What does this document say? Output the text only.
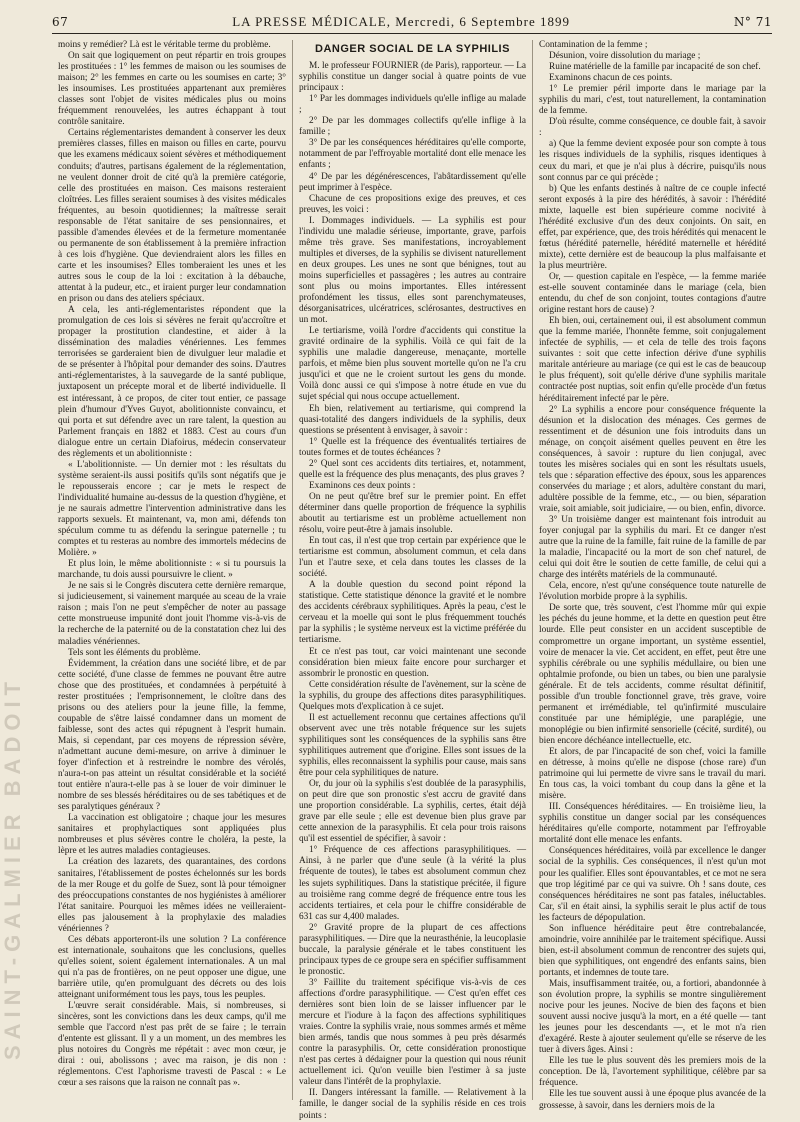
SAINT-GALMIER BADOIT
67	LA PRESSE MÉDICALE, Mercredi, 6 Septembre 1899	N° 71

moins y remédier? Là est le véritable terme du problème.

On sait que logiquement on peut répartir en trois groupes les prostituées : 1° les femmes de maison ou les soumises de maison; 2° les femmes en carte ou les soumises en carte; 3° les insoumises. Les prostituées appartenant aux premières classes sont l'objet de visites médicales plus ou moins fréquemment renouvelées, les autres échappant à tout contrôle sanitaire.

Certains réglementaristes demandent à conserver les deux premières classes, filles en maison ou filles en carte, pourvu que les examens médicaux soient sévères et méthodiquement conduits; d'autres, partisans également de la réglementation, ne veulent donner droit de cité qu'à la première catégorie, celle des prostituées en maison. Ces maisons resteraient cloîtrées. Les filles seraient soumises à des visites médicales fréquentes, au besoin quotidiennes; la maîtresse serait responsable de l'état sanitaire de ses pensionnaires, et passible d'amendes élevées et de la fermeture momentanée ou permanente de son établissement à la première infraction à ces lois d'hygiène. Que deviendraient alors les filles en carte et les insoumises? Elles tomberaient les unes et les autres sous le coup de la loi : excitation à la débauche, attentat à la pudeur, etc., et iraient purger leur condamnation en prison ou dans des ateliers spéciaux.

A cela, les anti-réglementaristes répondent que la promulgation de ces lois si sévères ne ferait qu'accroître et propager la prostitution clandestine, et aider à la dissémination des maladies vénériennes. Les femmes terrorisées se garderaient bien de divulguer leur maladie et de se présenter à l'hôpital pour demander des soins. D'autres anti-réglementaristes, à la sauvegarde de la santé publique, juxtaposent un précepte moral et de liberté individuelle. Il est intéressant, à ce propos, de citer tout entier, ce passage plein d'humour d'Yves Guyot, abolitionniste convaincu, et qui porta et sut défendre avec un rare talent, la question au Parlement français en 1882 et 1883. C'est au cours d'un dialogue entre un certain Diafoirus, médecin conservateur des règlements et un abolitionniste :

« L'abolitionniste. — Un dernier mot : les résultats du système seraient-ils aussi positifs qu'ils sont négatifs que je le repousserais encore ; car je mets le respect de l'individualité humaine au-dessus de la question d'hygiène, et je ne saurais admettre l'intervention administrative dans les rapports sexuels. Et maintenant, va, mon ami, défends ton spéculum comme tu as défendu la seringue paternelle ; tu comptes et tu resteras au nombre des immortels médecins de Molière. »

Et plus loin, le même abolitionniste : « si tu poursuis la marchande, tu dois aussi poursuivre le client. »

Je ne sais si le Congrès discutera cette dernière remarque, si judicieusement, si vainement marquée au sceau de la vraie raison ; mais l'on ne peut s'empêcher de noter au passage cette monstrueuse impunité dont jouit l'homme vis-à-vis de la recherche de la paternité ou de la constatation chez lui des maladies vénériennes.

Tels sont les éléments du problème.

Évidemment, la création dans une société libre, et de par cette société, d'une classe de femmes ne pouvant être autre chose que des prostituées, et condamnées à perpétuité à rester prostituées ; l'emprisonnement, le cloître dans des prisons ou des ateliers pour la jeune fille, la femme, coupable de s'être laissé condamner dans un moment de faiblesse, sont des actes qui répugnent à l'esprit humain. Mais, si cependant, par ces moyens de répression sévère, n'admettant aucune demi-mesure, on arrive à diminuer le foyer d'infection et à restreindre le nombre des vérolés, n'aura-t-on pas atteint un résultat considérable et la société tout entière n'aura-t-elle pas à se louer de voir diminuer le nombre de ses blessés héréditaires ou de ses tabétiques et de ses paralytiques généraux ?

La vaccination est obligatoire ; chaque jour les mesures sanitaires et prophylactiques sont appliquées plus nombreuses et plus sévères contre le choléra, la peste, la lèpre et les autres maladies contagieuses.

La création des lazarets, des quarantaines, des cordons sanitaires, l'établissement de postes échelonnés sur les bords de la mer Rouge et du golfe de Suez, sont là pour témoigner des préoccupations constantes de nos hygiénistes à améliorer l'état sanitaire. Pourquoi les mêmes idées ne veilleraient-elles pas jalousement à la prophylaxie des maladies vénériennes ?

Ces débats apporteront-ils une solution ? La conférence est internationale, souhaitons que les conclusions, quelles qu'elles soient, soient également internationales. A un mal qui n'a pas de frontières, on ne peut opposer une digue, une barrière utile, qu'en promulguant des décrets ou des lois atteignant uniformément tous les pays, tous les peuples.

L'œuvre serait considérable. Mais, si nombreuses, si sincères, sont les convictions dans les deux camps, qu'il me semble que l'accord n'est pas prêt de se faire ; le terrain d'entente est glissant. Il y a un moment, un des membres les plus notoires du Congrès me répétait : avec mon cœur, je dirai : oui, abolissons ; avec ma raison, je dis non : réglementons. C'est l'aphorisme travesti de Pascal : « Le cœur a ses raisons que la raison ne connaît pas ».

DANGER SOCIAL DE LA SYPHILIS

M. le professeur FOURNIER (de Paris), rapporteur. — La syphilis constitue un danger social à quatre points de vue principaux :

1° Par les dommages individuels qu'elle inflige au malade ;

2° De par les dommages collectifs qu'elle inflige à la famille ;

3° De par les conséquences héréditaires qu'elle comporte, notamment de par l'effroyable mortalité dont elle menace les enfants ;

4° De par les dégénérescences, l'abâtardissement qu'elle peut imprimer à l'espèce.

Chacune de ces propositions exige des preuves, et ces preuves, les voici :

I. Dommages individuels. — La syphilis est pour l'individu une maladie sérieuse, importante, grave, parfois même très grave. Ses manifestations, incroyablement multiples et diverses, de la syphilis se divisent naturellement en deux groupes. Les unes ne sont que bénignes, tout au moins superficielles et passagères ; les autres au contraire sont plus ou moins importantes. Elles intéressent profondément les tissus, elles sont parenchymateuses, désorganisatrices, ulcératrices, sclérosantes, destructives en un mot.

Le tertiarisme, voilà l'ordre d'accidents qui constitue la gravité ordinaire de la syphilis. Voilà ce qui fait de la syphilis une maladie dangereuse, menaçante, mortelle parfois, et même bien plus souvent mortelle qu'on ne l'a cru jusqu'ici et que ne le croient surtout les gens du monde. Voilà donc aussi ce qui s'impose à notre étude en vue du sujet spécial qui nous occupe actuellement.

Eh bien, relativement au tertiarisme, qui comprend la quasi-totalité des dangers individuels de la syphilis, deux questions se présentent à envisager, à savoir :

1° Quelle est la fréquence des éventualités tertiaires de toutes formes et de toutes échéances ?

2° Quel sont ces accidents dits tertiaires, et, notamment, quelle est la fréquence des plus menaçants, des plus graves ?

Examinons ces deux points :

On ne peut qu'être bref sur le premier point. En effet déterminer dans quelle proportion de fréquence la syphilis aboutit au tertiarisme est un problème actuellement non résolu, voire peut-être à jamais insoluble.

En tout cas, il n'est que trop certain par expérience que le tertiarisme est commun, absolument commun, et cela dans l'un et l'autre sexe, et cela dans toutes les classes de la société.

A la double question du second point répond la statistique. Cette statistique dénonce la gravité et le nombre des accidents cérébraux syphilitiques. Après la peau, c'est le cerveau et la moelle qui sont le plus fréquemment touchés par la syphilis ; le système nerveux est la victime préférée du tertiarisme.

Et ce n'est pas tout, car voici maintenant une seconde considération bien mieux faite encore pour surcharger et assombrir le pronostic en question.

Cette considération résulte de l'avènement, sur la scène de la syphilis, du groupe des affections dites parasyphilitiques. Quelques mots d'explication à ce sujet.

Il est actuellement reconnu que certaines affections qu'il observent avec une très notable fréquence sur les sujets syphilitiques sont les conséquences de la syphilis sans être syphilitiques autrement que d'origine. Elles sont issues de la syphilis, elles reconnaissent la syphilis pour cause, mais sans être pour cela syphilitiques de nature.

Or, du jour où la syphilis s'est doublée de la parasyphilis, on peut dire que son pronostic s'est accru de gravité dans une proportion considérable. La syphilis, certes, était déjà grave par elle seule ; elle est devenue bien plus grave par cette annexion de la parasyphilis. Et cela pour trois raisons qu'il est essentiel de spécifier, à savoir :

1° Fréquence de ces affections parasyphilitiques. — Ainsi, à ne parler que d'une seule (à la vérité la plus fréquente de toutes), le tabes est absolument commun chez les sujets syphilitiques. Dans la statistique précitée, il figure au troisième rang comme degré de fréquence entre tous les accidents tertiaires, et cela pour le chiffre considérable de 631 cas sur 4,400 malades.

2° Gravité propre de la plupart de ces affections parasyphilitiques. — Dire que la neurasthénie, la leucoplasie buccale, la paralysie générale et le tabes constituent les principaux types de ce groupe sera en spécifier suffisamment le pronostic.

3° Faillite du traitement spécifique vis-à-vis de ces affections d'ordre parasyphilitique. — C'est qu'en effet ces dernières sont bien loin de se laisser influencer par le mercure et l'iodure à la façon des affections syphilitiques vraies. Contre la syphilis vraie, nous sommes armés et même bien armés, tandis que nous sommes à peu près désarmés contre la parasyphilis. Or, cette considération pronostique n'est pas certes à dédaigner pour la question qui nous réunit actuellement ici. Qu'on veuille bien l'estimer à sa juste valeur dans l'intérêt de la prophylaxie.

II. Dangers intéressant la famille. — Relativement à la famille, le danger social de la syphilis réside en ces trois points :

Contamination de la femme ;

Désunion, voire dissolution du mariage ;

Ruine matérielle de la famille par incapacité de son chef.

Examinons chacun de ces points.

1° Le premier péril importe dans le mariage par la syphilis du mari, c'est, tout naturellement, la contamination de la femme.

D'où résulte, comme conséquence, ce double fait, à savoir :

a) Que la femme devient exposée pour son compte à tous les risques individuels de la syphilis, risques identiques à ceux du mari, et que je n'ai plus à décrire, puisqu'ils nous sont connus par ce qui précède ;

b) Que les enfants destinés à naître de ce couple infecté seront exposés à la pire des hérédités, à savoir : l'hérédité mixte, laquelle est bien supérieure comme nocivité à l'hérédité exclusive d'un des deux conjoints. On sait, en effet, par expérience, que, des trois hérédités qui menacent le fœtus (hérédité paternelle, hérédité maternelle et hérédité mixte), cette dernière est de beaucoup la plus malfaisante et la plus meurtrière.

Or, — question capitale en l'espèce, — la femme mariée est-elle souvent contaminée dans le mariage (cela, bien entendu, du chef de son conjoint, toutes contagions d'autre origine restant hors de cause) ?

Eh bien, oui, certainement oui, il est absolument commun que la femme mariée, l'honnête femme, soit conjugalement infectée de syphilis, — et cela de telle des trois façons suivantes : soit que cette infection dérive d'une syphilis maritale antérieure au mariage (ce qui est le cas de beaucoup le plus fréquent), soit qu'elle dérive d'une syphilis maritale contractée post nuptias, soit enfin qu'elle procède d'un fœtus héréditairement infecté par le père.

2° La syphilis a encore pour conséquence fréquente la désunion et la dislocation des ménages. Ces germes de ressentiment et de désunion une fois introduits dans un ménage, on conçoit aisément quelles peuvent en être les conséquences, à savoir : rupture du lien conjugal, avec toutes les misères sociales qui en sont les résultats usuels, tels que : séparation effective des époux, sous les apparences conservées du mariage ; et alors, adultère constant du mari, adultère possible de la femme, etc., — ou bien, séparation vraie, soit amiable, soit judiciaire, — ou bien, enfin, divorce.

3° Un troisième danger est maintenant fois introduit au foyer conjugal par la syphilis du mari. Et ce danger n'est autre que la ruine de la famille, fait ruine de la famille de par la maladie, l'incapacité ou la mort de son chef naturel, de celui qui doit être le soutien de cette famille, de celui qui a charge des intérêts matériels de la communauté.

Cela, encore, n'est qu'une conséquence toute naturelle de l'évolution morbide propre à la syphilis.

De sorte que, très souvent, c'est l'homme mûr qui expie les péchés du jeune homme, et la dette en question peut être lourde. Elle peut consister en un accident susceptible de compromettre un organe important, un système essentiel, voire de menacer la vie. Cet accident, en effet, peut être une syphilis cérébrale ou une syphilis médullaire, ou bien une ophtalmie profonde, ou bien un tabes, ou bien une paralysie générale. Et de tels accidents, comme résultat définitif, possible d'un trouble fonctionnel grave, très grave, voire permanent et irrémédiable, tel qu'infirmité musculaire constituée par une hémiplégie, une paraplégie, une monoplégie ou bien infirmité sensorielle (cécité, surdité), ou bien encore déchéance intellectuelle, etc.

Et alors, de par l'incapacité de son chef, voici la famille en détresse, à moins qu'elle ne dispose (chose rare) d'un patrimoine qui lui permette de vivre sans le travail du mari. En tous cas, la voici tombant du coup dans la gêne et la misère.

III. Conséquences héréditaires. — En troisième lieu, la syphilis constitue un danger social par les conséquences héréditaires qu'elle comporte, notamment par l'effroyable mortalité dont elle menace les enfants.

Conséquences héréditaires, voilà par excellence le danger social de la syphilis. Ces conséquences, il n'est qu'un mot pour les qualifier. Elles sont épouvantables, et ce mot ne sera que trop légitimé par ce qui va suivre. Oh ! sans doute, ces conséquences héréditaires ne sont pas fatales, inéluctables. Car, s'il en était ainsi, la syphilis serait le plus actif de tous les facteurs de dépopulation.

Son influence héréditaire peut être contrebalancée, amoindrie, voire annihilée par le traitement spécifique. Aussi bien, est-il absolument commun de rencontrer des sujets qui, bien que syphilitiques, ont engendré des enfants sains, bien portants, et indemnes de toute tare.

Mais, insuffisamment traitée, ou, a fortiori, abandonnée à son évolution propre, la syphilis se montre singulièrement nocive pour les jeunes. Nocive de bien des façons et bien souvent aussi nocive jusqu'à la mort, en a été quelle — tant les jeunes pour les descendants —, et le mot n'a rien d'exagéré. Reste à ajouter seulement qu'elle se réserve de les tuer à divers âges. Ainsi :

Elle les tue le plus souvent dès les premiers mois de la conception. De là, l'avortement syphilitique, célèbre par sa fréquence.

Elle les tue souvent aussi à une époque plus avancée de la grossesse, à savoir, dans les derniers mois de la
